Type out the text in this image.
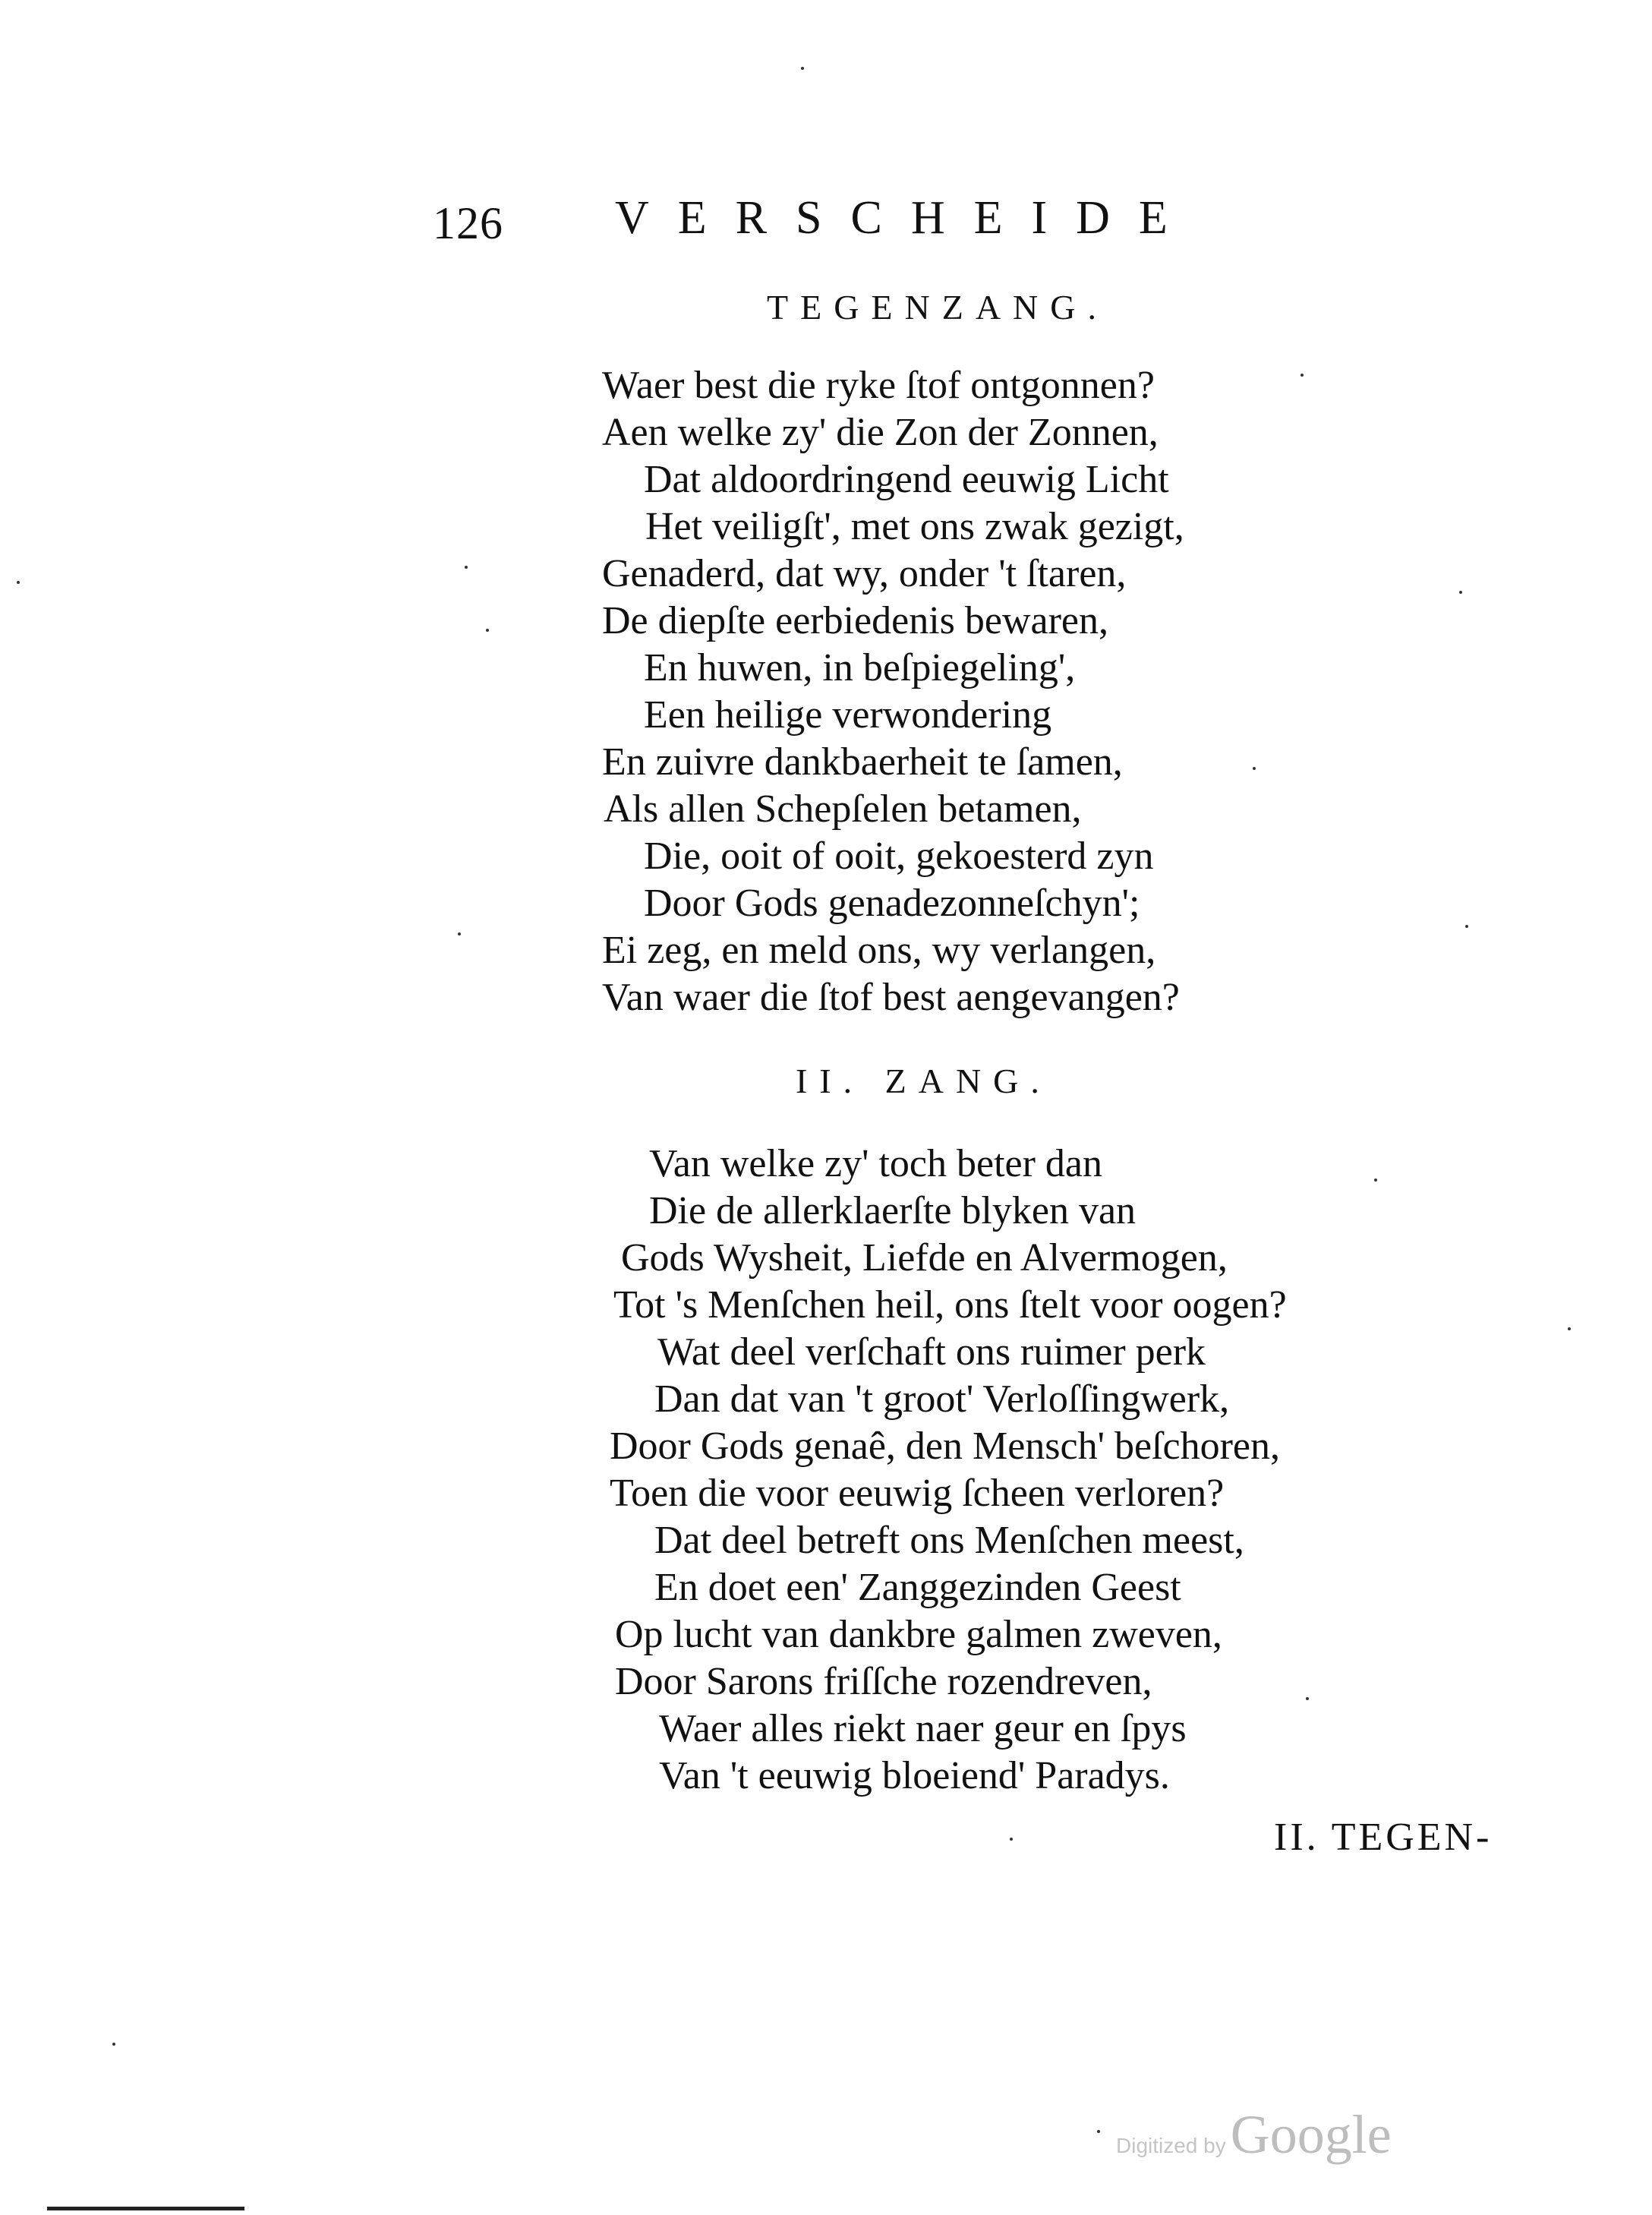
126 VERSCHEIDE
TEGENZANG.
Waer best die ryke ſtof ontgonnen?
Aen welke zy' die Zon der Zonnen,
Dat aldoordringend eeuwig Licht
Het veiligſt', met ons zwak gezigt,
Genaderd, dat wy, onder 't ſtaren,
De diepſte eerbiedenis bewaren,
En huwen, in beſpiegeling',
Een heilige verwondering
En zuivre dankbaerheit te ſamen,
Als allen Schepſelen betamen,
Die, ooit of ooit, gekoesterd zyn
Door Gods genadezonneſchyn';
Ei zeg, en meld ons, wy verlangen,
Van waer die ſtof best aengevangen?
II. ZANG.
Van welke zy' toch beter dan
Die de allerklaerſte blyken van
Gods Wysheit, Liefde en Alvermogen,
Tot 's Menſchen heil, ons ſtelt voor oogen?
Wat deel verſchaft ons ruimer perk
Dan dat van 't groot' Verloſſingwerk,
Door Gods genaê, den Mensch' beſchoren,
Toen die voor eeuwig ſcheen verloren?
Dat deel betreft ons Menſchen meest,
En doet een' Zanggezinden Geest
Op lucht van dankbre galmen zweven,
Door Sarons friſſche rozendreven,
Waer alles riekt naer geur en ſpys
Van 't eeuwig bloeiend' Paradys.
II. TEGEN-
Digitized byGoogle
